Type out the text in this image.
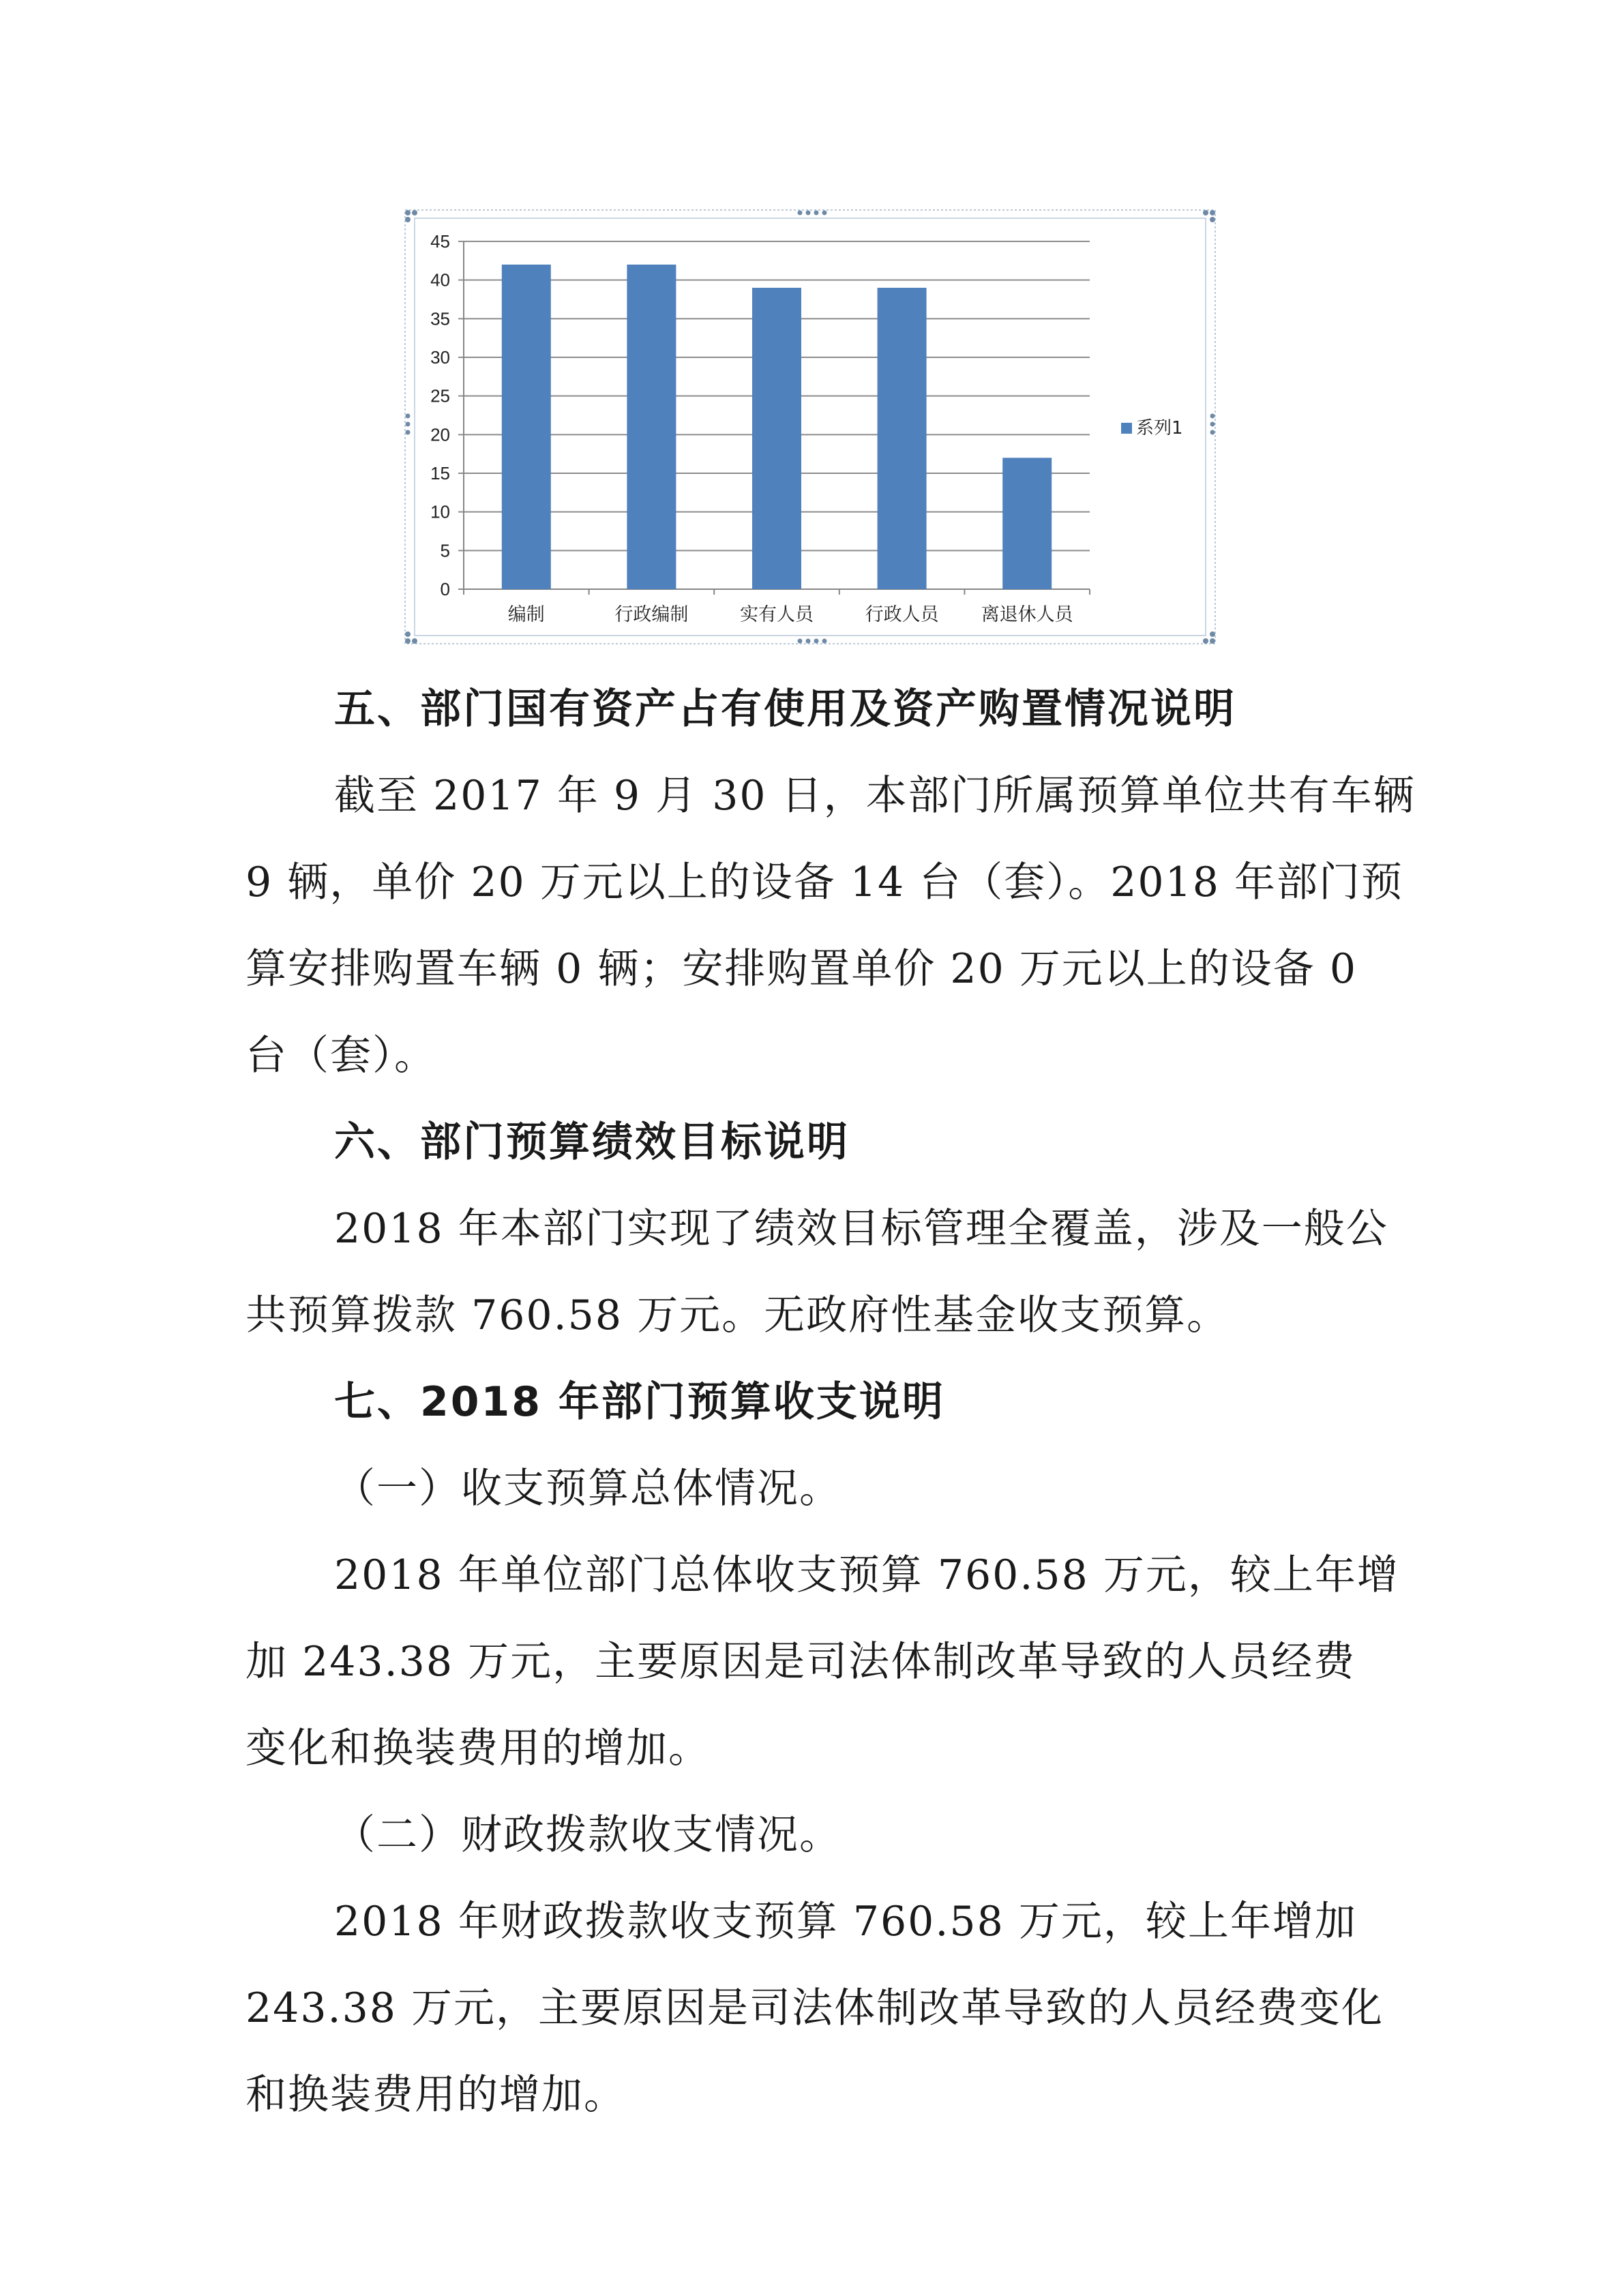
0
5
10
15
20
25
30
35
40
45
编制	行政编制	实有人员	行政人员 离退休人员
系列1

五、部门国有资产占有使用及资产购置情况说明

截至 2017 年 9 月 30 日，本部门所属预算单位共有车辆

9 辆，单价 20 万元以上的设备 14 台（套）。2018 年部门预

算安排购置车辆 0 辆；安排购置单价 20 万元以上的设备 0

台（套）。

六、部门预算绩效目标说明

2018 年本部门实现了绩效目标管理全覆盖，涉及一般公

共预算拨款 760.58 万元。无政府性基金收支预算。

七、2018 年部门预算收支说明

（一）收支预算总体情况。

2018 年单位部门总体收支预算 760.58 万元，较上年增

加 243.38 万元，主要原因是司法体制改革导致的人员经费

变化和换装费用的增加。

（二）财政拨款收支情况。

2018 年财政拨款收支预算 760.58 万元，较上年增加

243.38 万元，主要原因是司法体制改革导致的人员经费变化

和换装费用的增加。
